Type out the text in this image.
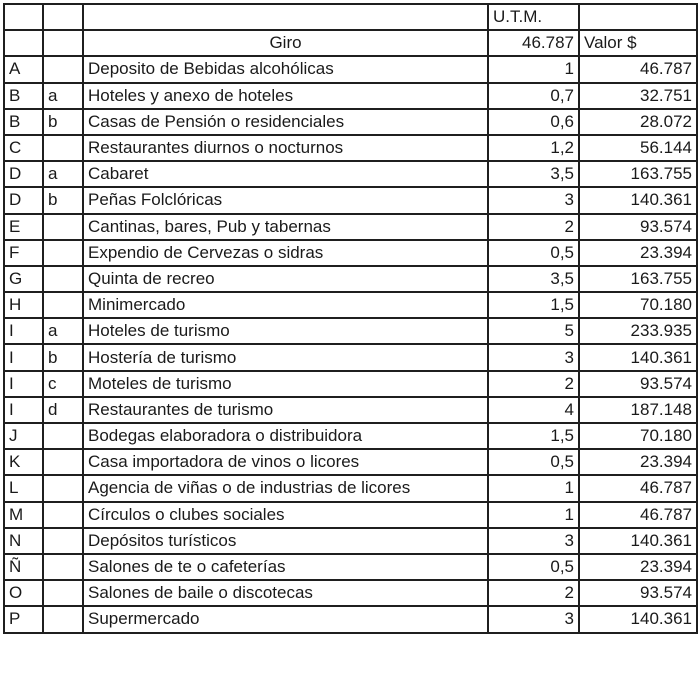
			U.T.M.	
		Giro	46.787	Valor $
A		Deposito de Bebidas alcohólicas	1	46.787
B	a	Hoteles y anexo de hoteles	0,7	32.751
B	b	Casas de Pensión o residenciales	0,6	28.072
C		Restaurantes diurnos o nocturnos	1,2	56.144
D	a	Cabaret	3,5	163.755
D	b	Peñas Folclóricas	3	140.361
E		Cantinas, bares, Pub y tabernas	2	93.574
F		Expendio de Cervezas o sidras	0,5	23.394
G		Quinta de recreo	3,5	163.755
H		Minimercado	1,5	70.180
I	a	Hoteles de turismo	5	233.935
I	b	Hostería de turismo	3	140.361
I	c	Moteles de turismo	2	93.574
I	d	Restaurantes de turismo	4	187.148
J		Bodegas elaboradora o distribuidora	1,5	70.180
K		Casa importadora de vinos o licores	0,5	23.394
L		Agencia de viñas o de industrias de licores	1	46.787
M		Círculos o clubes sociales	1	46.787
N		Depósitos turísticos	3	140.361
Ñ		Salones de te o cafeterías	0,5	23.394
O		Salones de baile o discotecas	2	93.574
P		Supermercado	3	140.361
